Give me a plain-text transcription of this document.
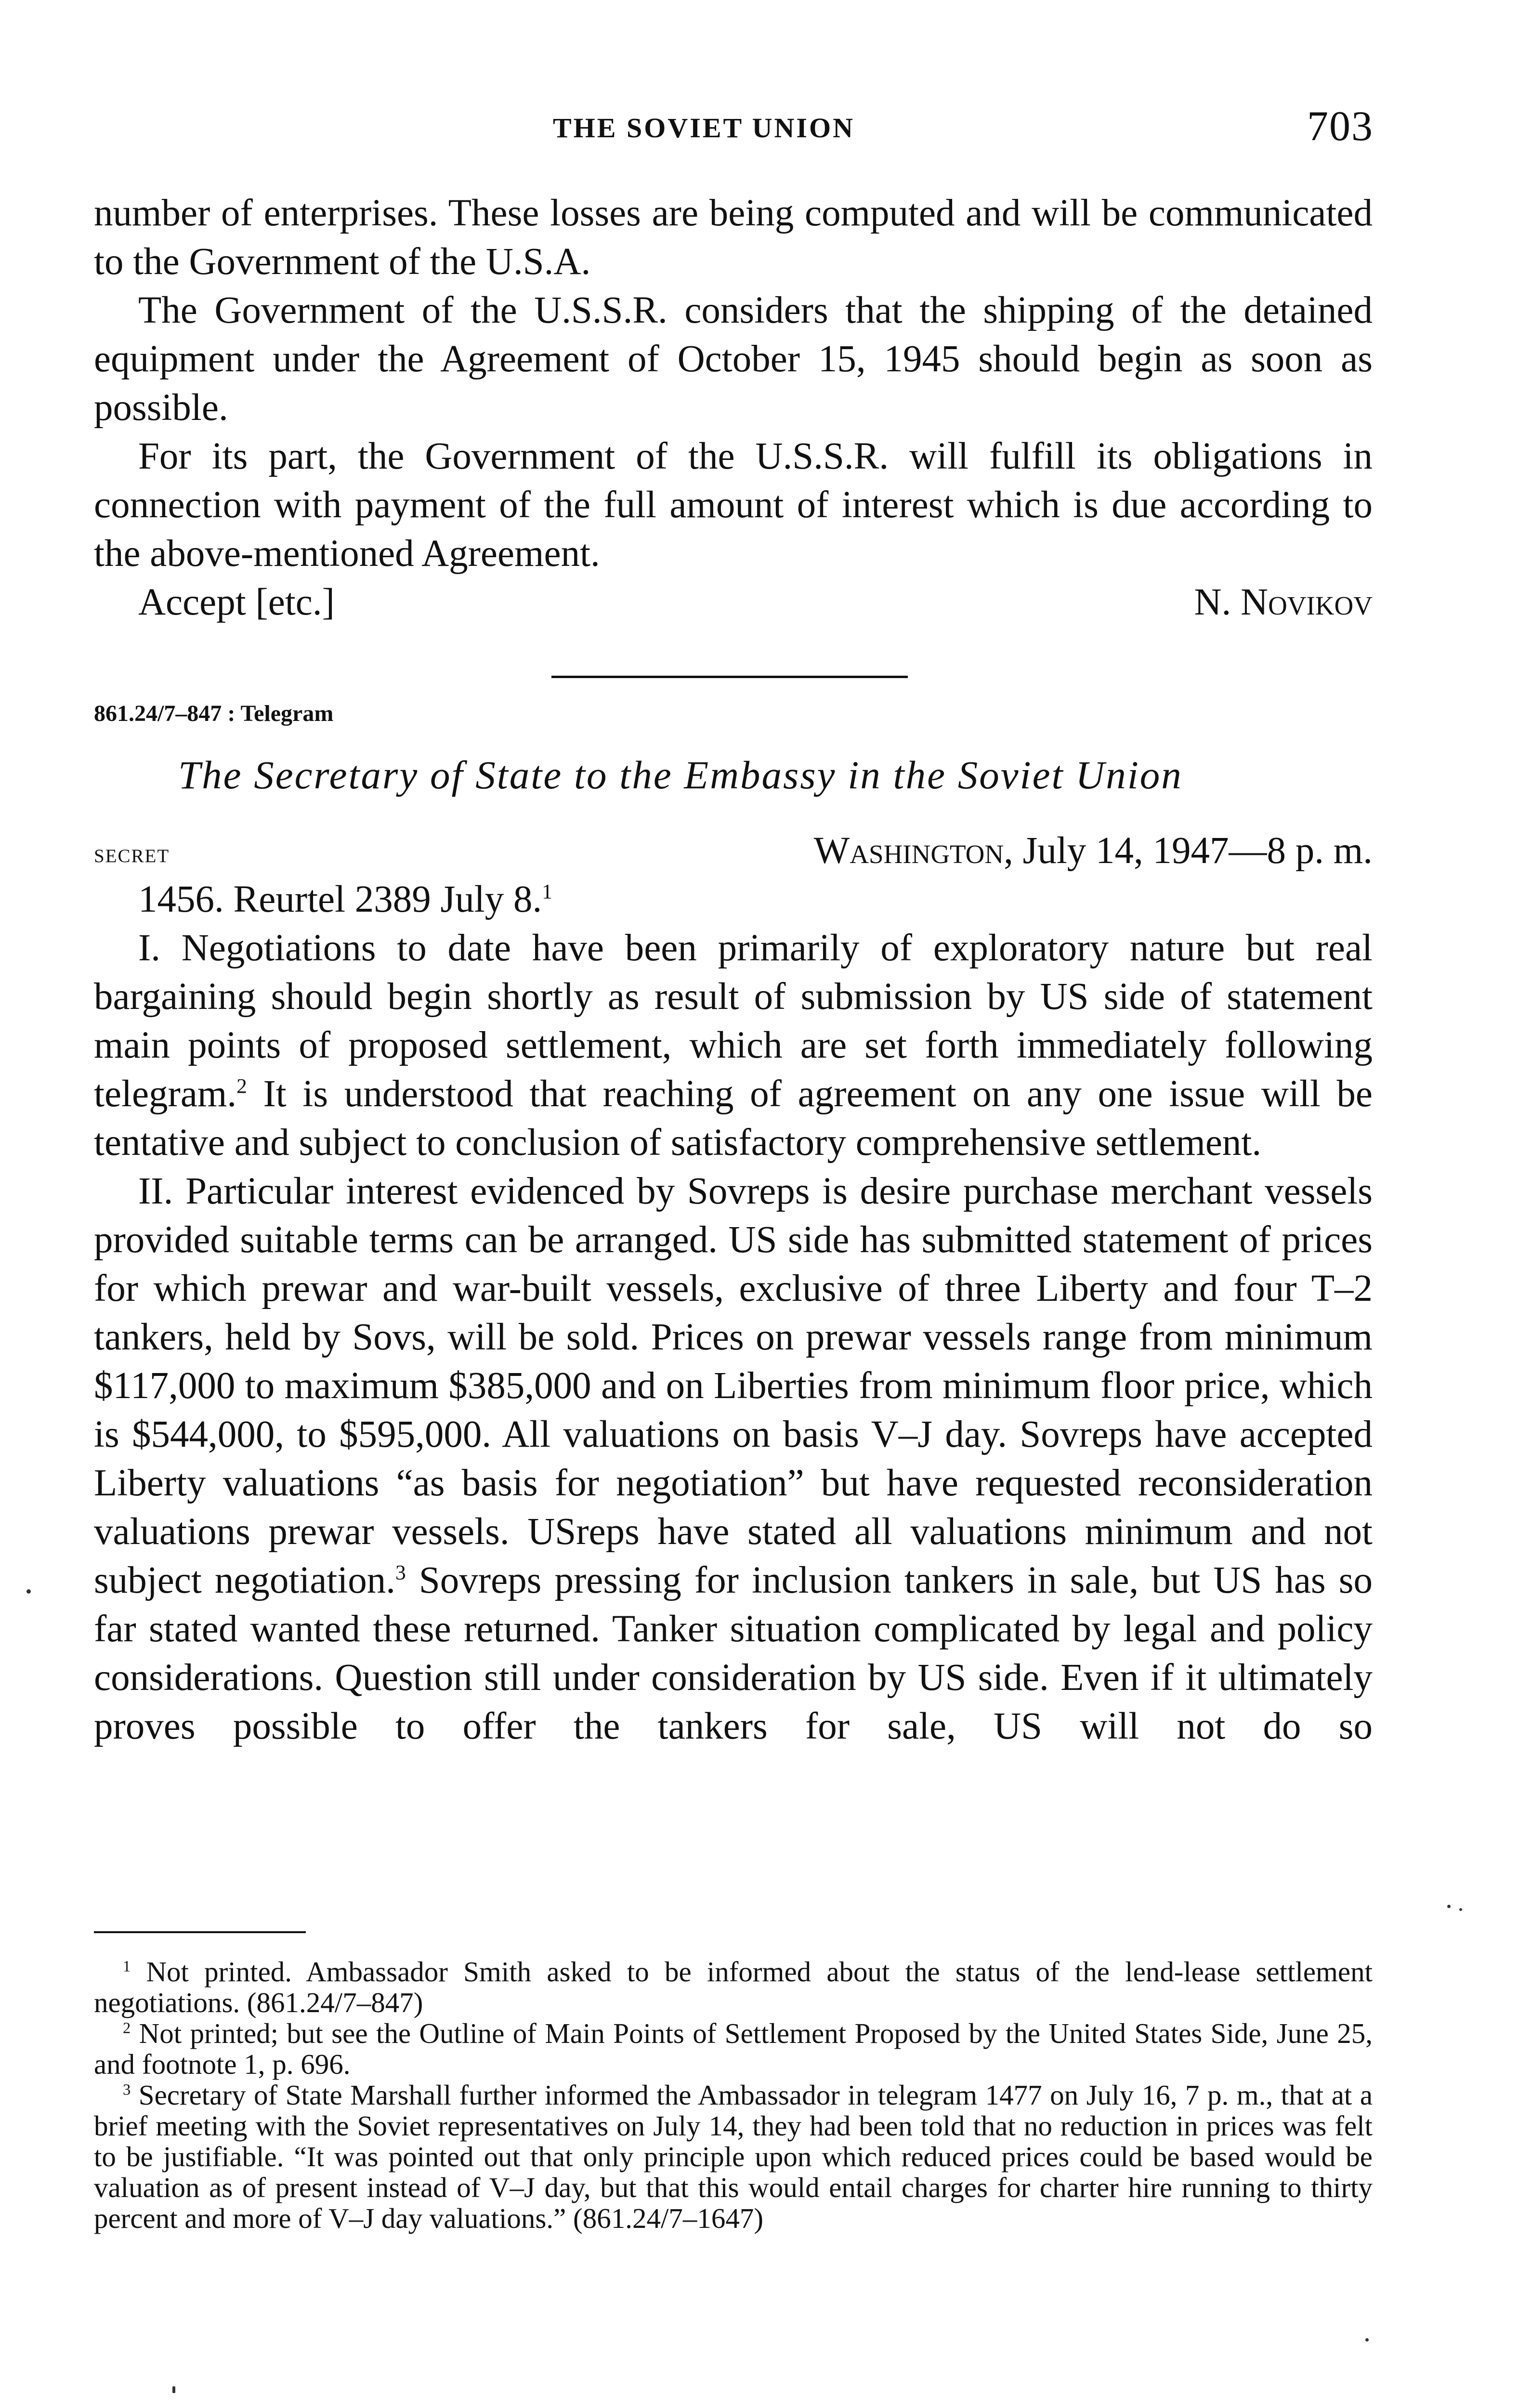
THE SOVIET UNION	703
number of enterprises. These losses are being computed and will be communicated to the Government of the U.S.A.
The Government of the U.S.S.R. considers that the shipping of the detained equipment under the Agreement of October 15, 1945 should begin as soon as possible.
For its part, the Government of the U.S.S.R. will fulfill its obligations in connection with payment of the full amount of interest which is due according to the above-mentioned Agreement.
Accept [etc.]	N. Novikov
861.24/7–847 : Telegram
The Secretary of State to the Embassy in the Soviet Union
secret	Washington, July 14, 1947—8 p. m.
1456. Reurtel 2389 July 8.$^1$
I. Negotiations to date have been primarily of exploratory nature but real bargaining should begin shortly as result of submission by US side of statement main points of proposed settlement, which are set forth immediately following telegram.$^2$ It is understood that reaching of agreement on any one issue will be tentative and subject to conclusion of satisfactory comprehensive settlement.
II. Particular interest evidenced by Sovreps is desire purchase merchant vessels provided suitable terms can be arranged. US side has submitted statement of prices for which prewar and war-built vessels, exclusive of three Liberty and four T–2 tankers, held by Sovs, will be sold. Prices on prewar vessels range from minimum $117,000 to maximum $385,000 and on Liberties from minimum floor price, which is $544,000, to $595,000. All valuations on basis V–J day. Sovreps have accepted Liberty valuations “as basis for negotiation” but have requested reconsideration valuations prewar vessels. USreps have stated all valuations minimum and not subject negotiation.$^3$ Sovreps pressing for inclusion tankers in sale, but US has so far stated wanted these returned. Tanker situation complicated by legal and policy considerations. Question still under consideration by US side. Even if it ultimately proves possible to offer the tankers for sale, US will not do so
$^1$ Not printed. Ambassador Smith asked to be informed about the status of the lend-lease settlement negotiations. (861.24/7–847)
$^2$ Not printed; but see the Outline of Main Points of Settlement Proposed by the United States Side, June 25, and footnote 1, p. 696.
$^3$ Secretary of State Marshall further informed the Ambassador in telegram 1477 on July 16, 7 p. m., that at a brief meeting with the Soviet representatives on July 14, they had been told that no reduction in prices was felt to be justifiable. “It was pointed out that only principle upon which reduced prices could be based would be valuation as of present instead of V–J day, but that this would entail charges for charter hire running to thirty percent and more of V–J day valuations.” (861.24/7–1647)
